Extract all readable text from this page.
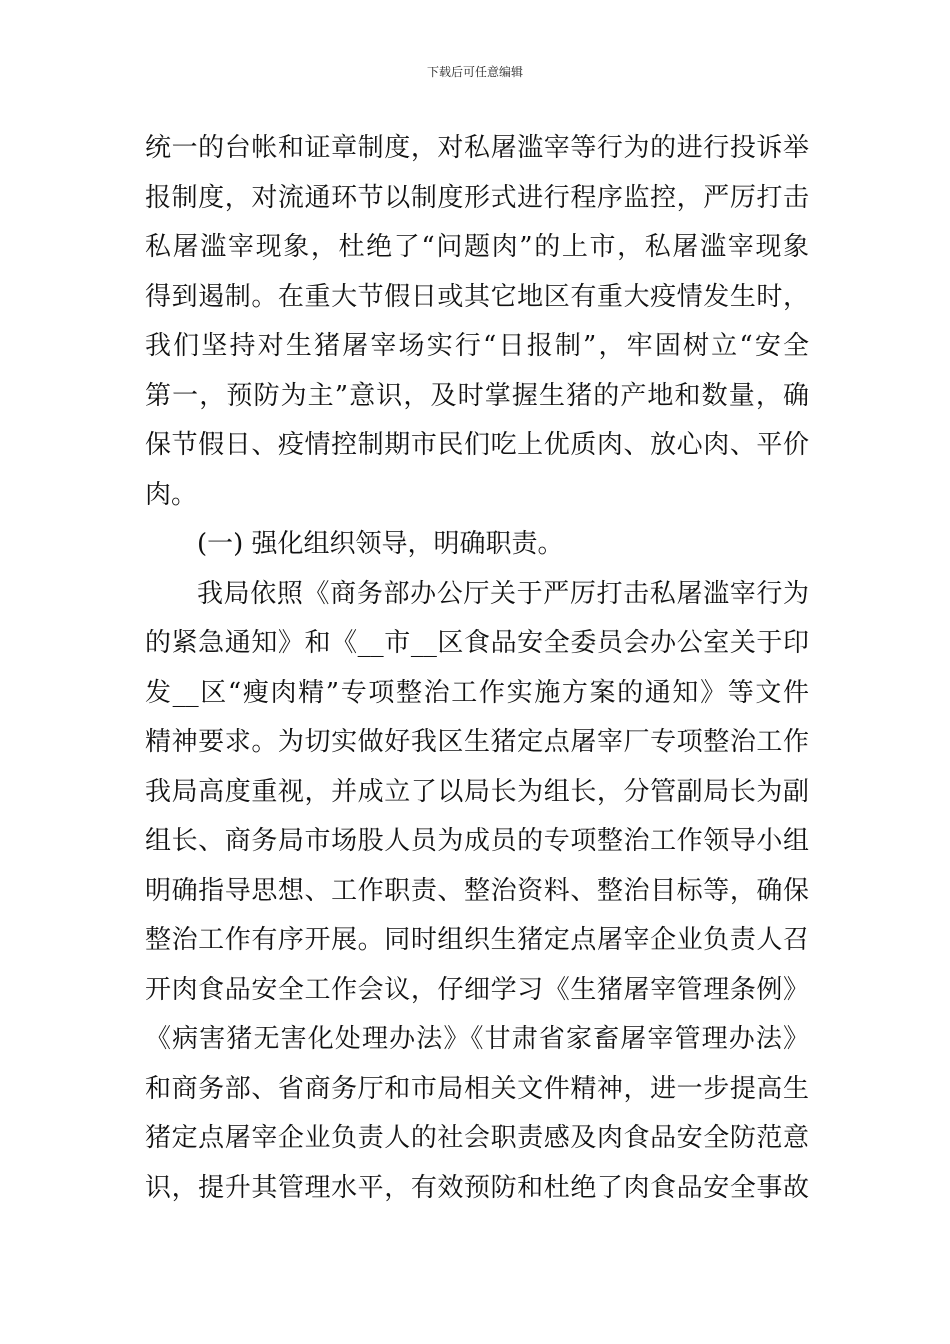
下载后可任意编辑
统一的台帐和证章制度，对私屠滥宰等行为的进行投诉举
报制度，对流通环节以制度形式进行程序监控，严厉打击
私屠滥宰现象，杜绝了“问题肉”的上市，私屠滥宰现象
得到遏制。在重大节假日或其它地区有重大疫情发生时，
我们坚持对生猪屠宰场实行“日报制”，牢固树立“安全
第一，预防为主”意识，及时掌握生猪的产地和数量，确
保节假日、疫情控制期市民们吃上优质肉、放心肉、平价
肉。
(一) 强化组织领导，明确职责。
我局依照《商务部办公厅关于严厉打击私屠滥宰行为
的紧急通知》和《__市__区食品安全委员会办公室关于印
发__区“瘦肉精”专项整治工作实施方案的通知》等文件
精神要求。为切实做好我区生猪定点屠宰厂专项整治工作
我局高度重视，并成立了以局长为组长，分管副局长为副
组长、商务局市场股人员为成员的专项整治工作领导小组
明确指导思想、工作职责、整治资料、整治目标等，确保
整治工作有序开展。同时组织生猪定点屠宰企业负责人召
开肉食品安全工作会议，仔细学习《生猪屠宰管理条例》
《病害猪无害化处理办法》《甘肃省家畜屠宰管理办法》
和商务部、省商务厅和市局相关文件精神，进一步提高生
猪定点屠宰企业负责人的社会职责感及肉食品安全防范意
识，提升其管理水平，有效预防和杜绝了肉食品安全事故
